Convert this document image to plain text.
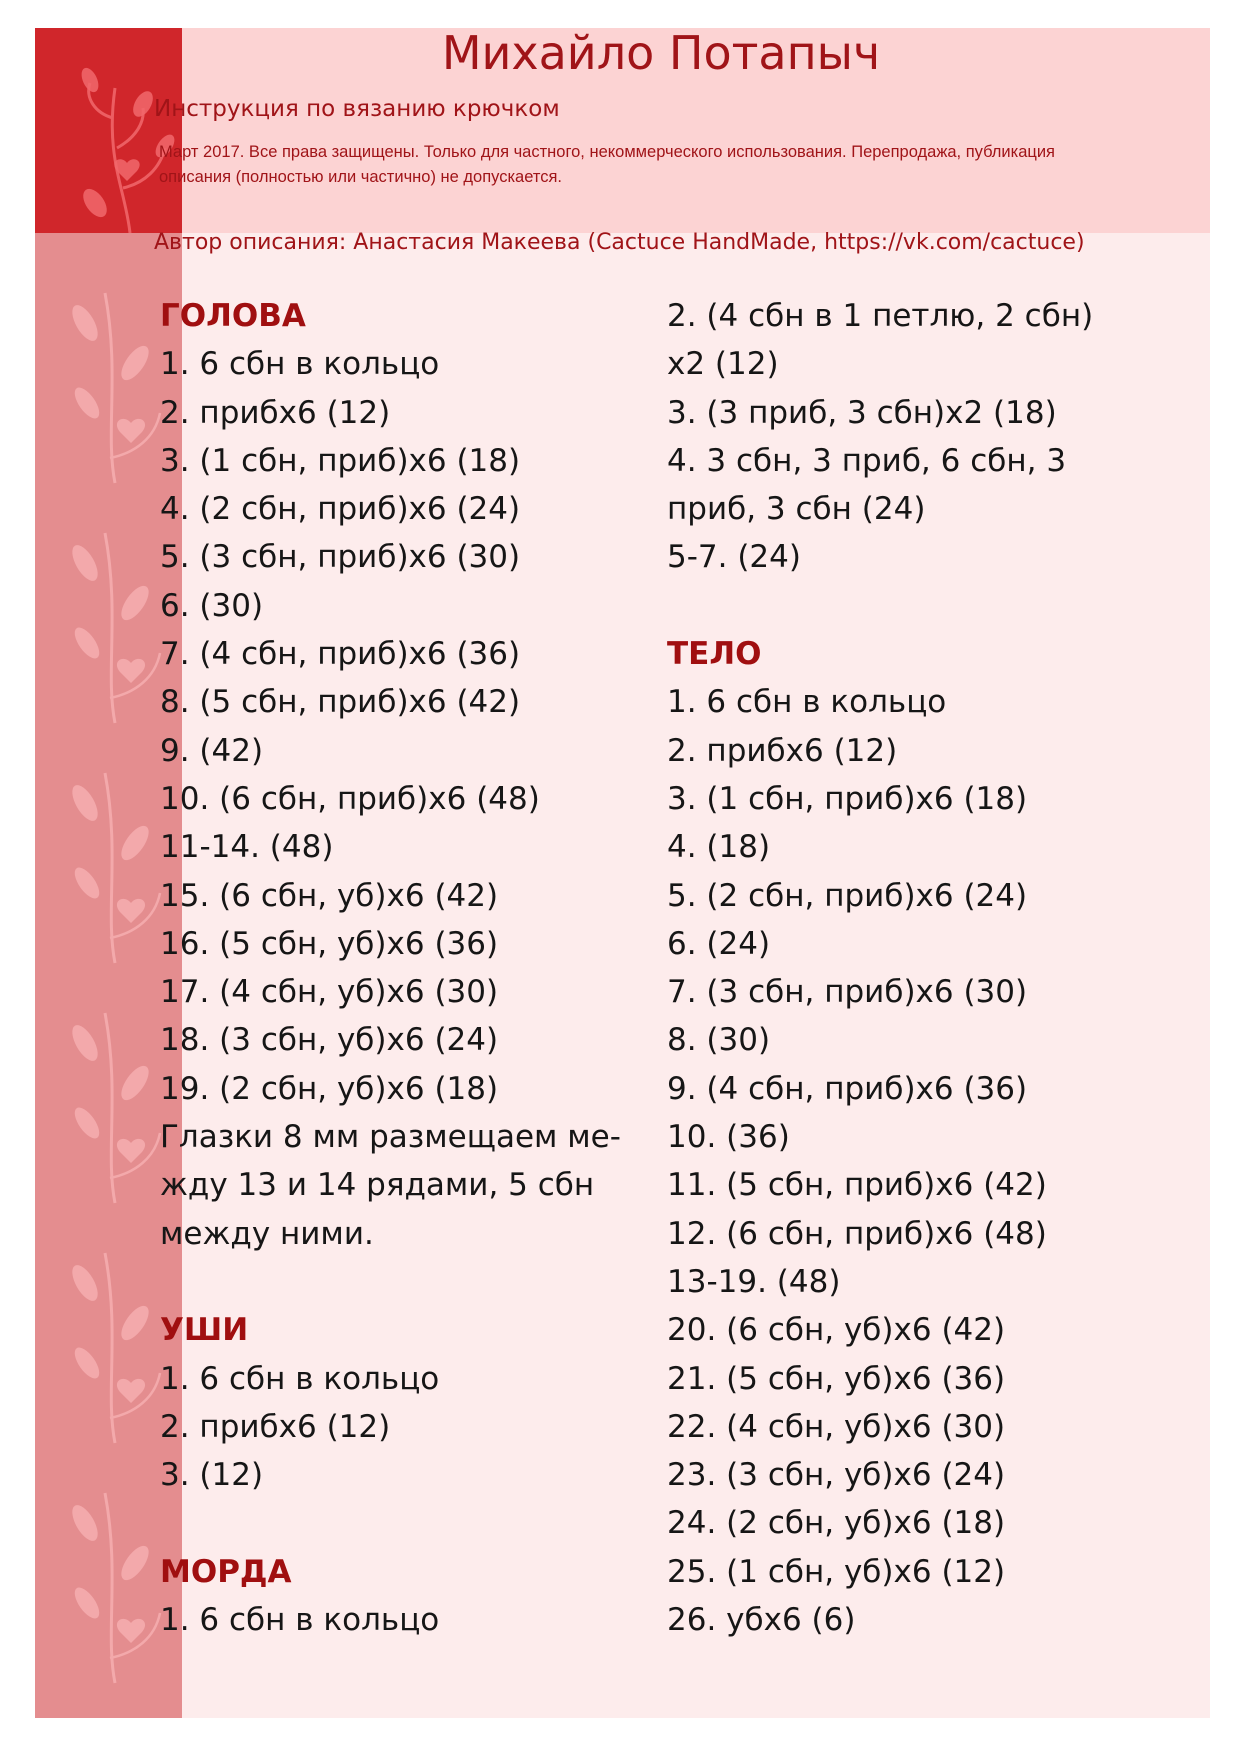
Михайло Потапыч
Инструкция по вязанию крючком
Март 2017. Все права защищены. Только для частного, некоммерческого использования. Перепродажа, публикация описания (полностью или частично) не допускается.
Автор описания: Анастасия Макеева (Cactuce HandMade, https://vk.com/cactuce)
ГОЛОВА
1. 6 сбн в кольцо
2. прибх6 (12)
3. (1 сбн, приб)х6 (18)
4. (2 сбн, приб)х6 (24)
5. (3 сбн, приб)х6 (30)
6. (30)
7. (4 сбн, приб)х6 (36)
8. (5 сбн, приб)х6 (42)
9. (42)
10. (6 сбн, приб)х6 (48)
11-14. (48)
15. (6 сбн, уб)х6 (42)
16. (5 сбн, уб)х6 (36)
17. (4 сбн, уб)х6 (30)
18. (3 сбн, уб)х6 (24)
19. (2 сбн, уб)х6 (18)
Глазки 8 мм размещаем ме-
жду 13 и 14 рядами, 5 сбн
между ними.
УШИ
1. 6 сбн в кольцо
2. прибх6 (12)
3. (12)
МОРДА
1. 6 сбн в кольцо
2. (4 сбн в 1 петлю, 2 сбн)
х2 (12)
3. (3 приб, 3 сбн)х2 (18)
4. 3 сбн, 3 приб, 6 сбн, 3
приб, 3 сбн (24)
5-7. (24)
ТЕЛО
1. 6 сбн в кольцо
2. прибх6 (12)
3. (1 сбн, приб)х6 (18)
4. (18)
5. (2 сбн, приб)х6 (24)
6. (24)
7. (3 сбн, приб)х6 (30)
8. (30)
9. (4 сбн, приб)х6 (36)
10. (36)
11. (5 сбн, приб)х6 (42)
12. (6 сбн, приб)х6 (48)
13-19. (48)
20. (6 сбн, уб)х6 (42)
21. (5 сбн, уб)х6 (36)
22. (4 сбн, уб)х6 (30)
23. (3 сбн, уб)х6 (24)
24. (2 сбн, уб)х6 (18)
25. (1 сбн, уб)х6 (12)
26. убх6 (6)
